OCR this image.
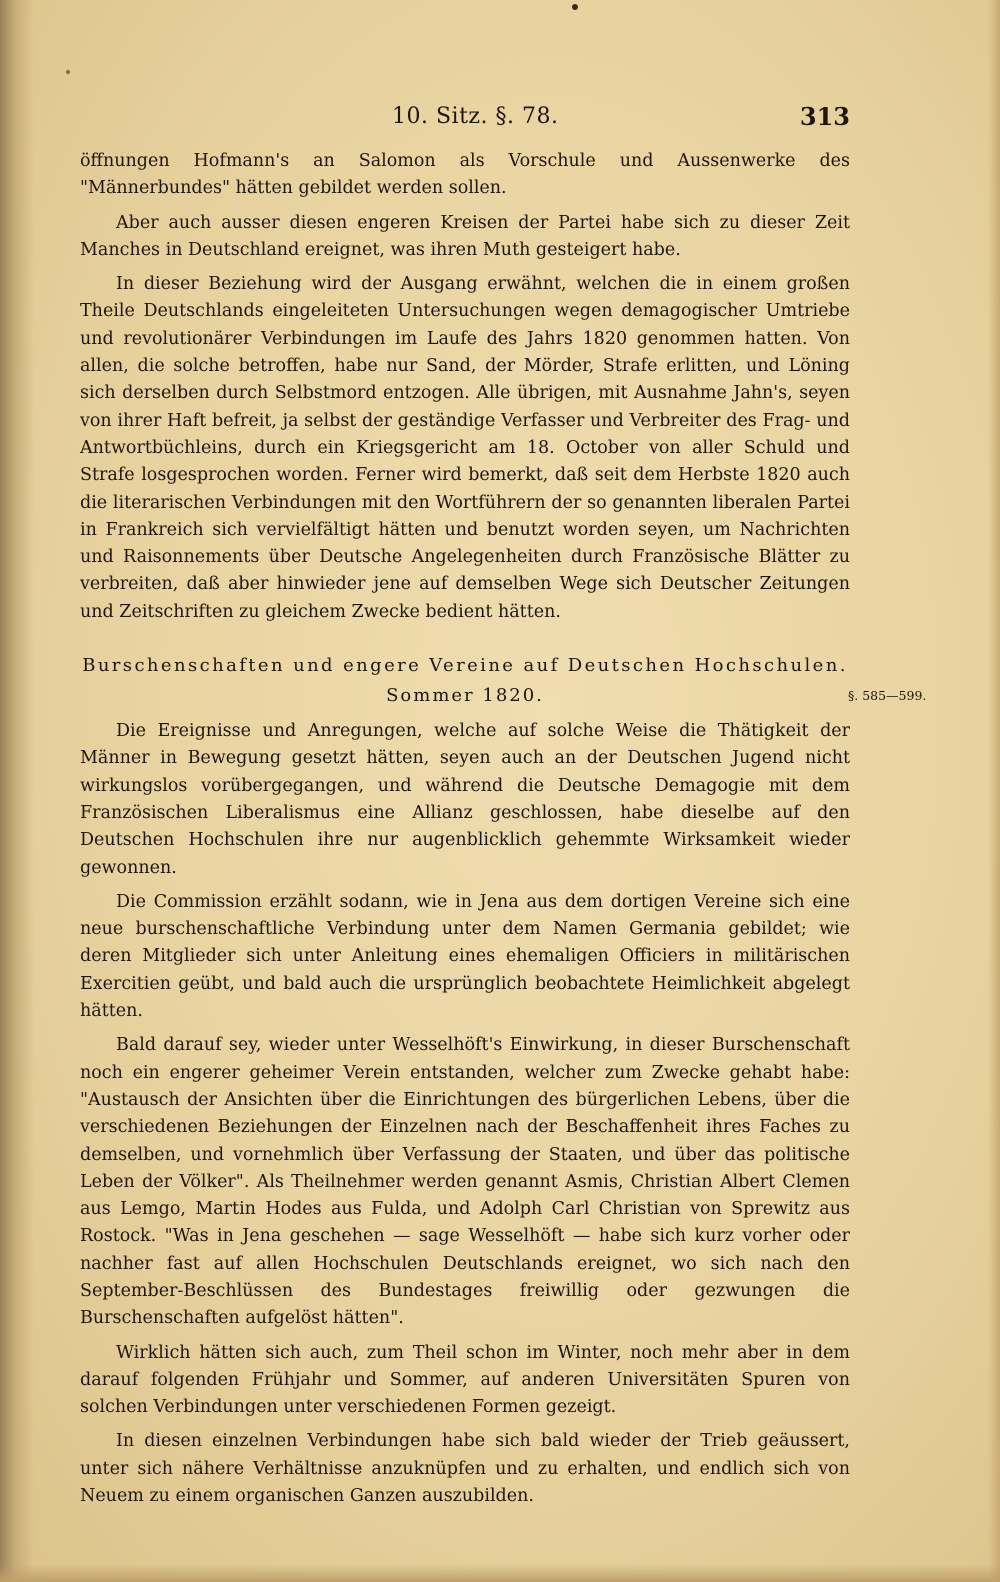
10. Sitz. §. 78.	313

öffnungen Hofmann's an Salomon als Vorschule und Aussenwerke des "Männerbundes" hätten gebildet werden sollen.

Aber auch ausser diesen engeren Kreisen der Partei habe sich zu dieser Zeit Manches in Deutschland ereignet, was ihren Muth gesteigert habe.

In dieser Beziehung wird der Ausgang erwähnt, welchen die in einem großen Theile Deutschlands eingeleiteten Untersuchungen wegen demagogischer Umtriebe und revolutionärer Verbindungen im Laufe des Jahrs 1820 genommen hatten. Von allen, die solche betroffen, habe nur Sand, der Mörder, Strafe erlitten, und Löning sich derselben durch Selbstmord entzogen. Alle übrigen, mit Ausnahme Jahn's, seyen von ihrer Haft befreit, ja selbst der geständige Verfasser und Verbreiter des Frag- und Antwortbüchleins, durch ein Kriegsgericht am 18. October von aller Schuld und Strafe losgesprochen worden. Ferner wird bemerkt, daß seit dem Herbste 1820 auch die literarischen Verbindungen mit den Wortführern der so genannten liberalen Partei in Frankreich sich vervielfältigt hätten und benutzt worden seyen, um Nachrichten und Raisonnements über Deutsche Angelegenheiten durch Französische Blätter zu verbreiten, daß aber hinwieder jene auf demselben Wege sich Deutscher Zeitungen und Zeitschriften zu gleichem Zwecke bedient hätten.

Burschenschaften und engere Vereine auf Deutschen Hochschulen.
Sommer 1820.	§. 585—599.

Die Ereignisse und Anregungen, welche auf solche Weise die Thätigkeit der Männer in Bewegung gesetzt hätten, seyen auch an der Deutschen Jugend nicht wirkungslos vorübergegangen, und während die Deutsche Demagogie mit dem Französischen Liberalismus eine Allianz geschlossen, habe dieselbe auf den Deutschen Hochschulen ihre nur augenblicklich gehemmte Wirksamkeit wieder gewonnen.

Die Commission erzählt sodann, wie in Jena aus dem dortigen Vereine sich eine neue burschenschaftliche Verbindung unter dem Namen Germania gebildet; wie deren Mitglieder sich unter Anleitung eines ehemaligen Officiers in militärischen Exercitien geübt, und bald auch die ursprünglich beobachtete Heimlichkeit abgelegt hätten.

Bald darauf sey, wieder unter Wesselhöft's Einwirkung, in dieser Burschenschaft noch ein engerer geheimer Verein entstanden, welcher zum Zwecke gehabt habe: "Austausch der Ansichten über die Einrichtungen des bürgerlichen Lebens, über die verschiedenen Beziehungen der Einzelnen nach der Beschaffenheit ihres Faches zu demselben, und vornehmlich über Verfassung der Staaten, und über das politische Leben der Völker". Als Theilnehmer werden genannt Asmis, Christian Albert Clemen aus Lemgo, Martin Hodes aus Fulda, und Adolph Carl Christian von Sprewitz aus Rostock. "Was in Jena geschehen — sage Wesselhöft — habe sich kurz vorher oder nachher fast auf allen Hochschulen Deutschlands ereignet, wo sich nach den September-Beschlüssen des Bundestages freiwillig oder gezwungen die Burschenschaften aufgelöst hätten".

Wirklich hätten sich auch, zum Theil schon im Winter, noch mehr aber in dem darauf folgenden Frühjahr und Sommer, auf anderen Universitäten Spuren von solchen Verbindungen unter verschiedenen Formen gezeigt.

In diesen einzelnen Verbindungen habe sich bald wieder der Trieb geäussert, unter sich nähere Verhältnisse anzuknüpfen und zu erhalten, und endlich sich von Neuem zu einem organischen Ganzen auszubilden.
